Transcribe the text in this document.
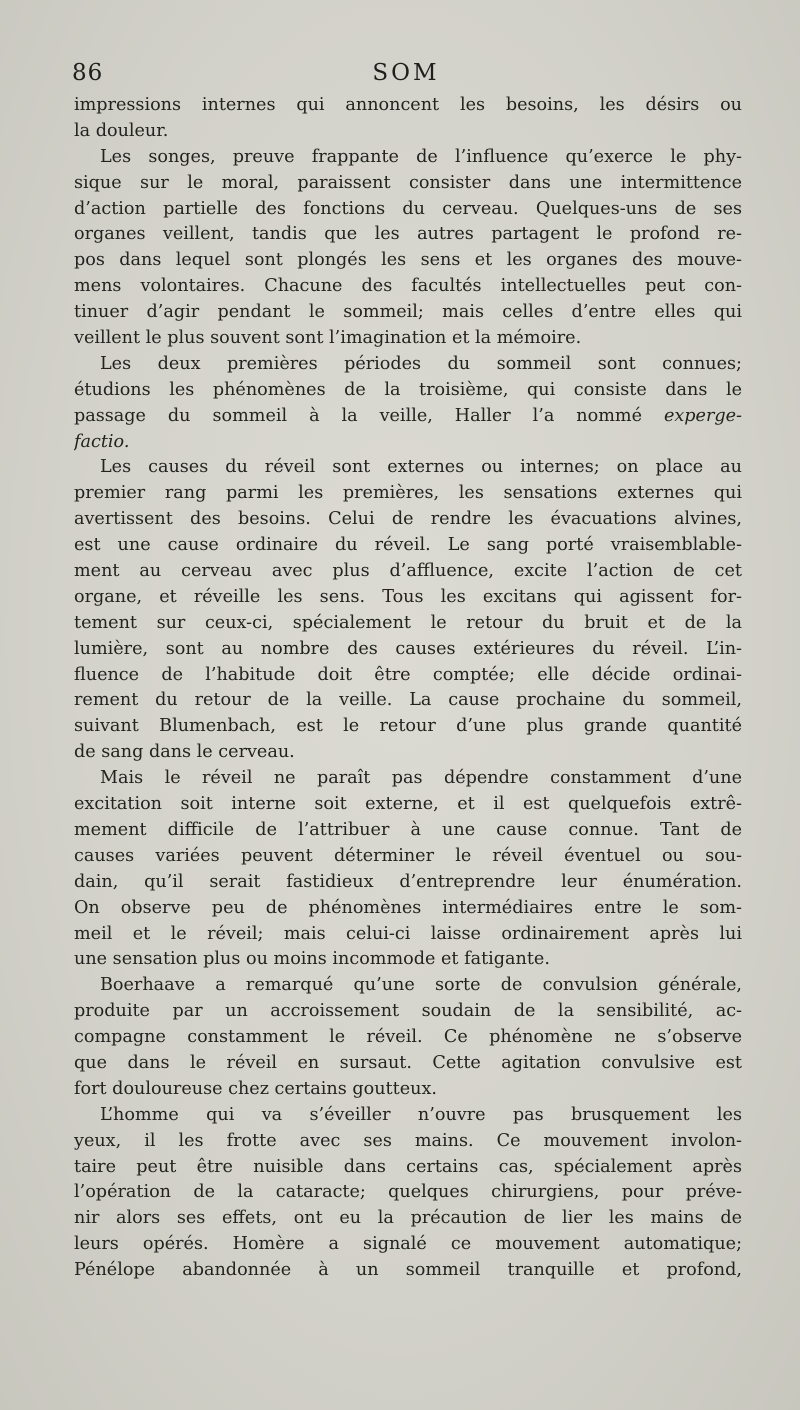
86	SOM
impressions internes qui annoncent les besoins, les désirs ou
la douleur.
Les songes, preuve frappante de l’influence qu’exerce le phy-
sique sur le moral, paraissent consister dans une intermittence
d’action partielle des fonctions du cerveau. Quelques-uns de ses
organes veillent, tandis que les autres partagent le profond re-
pos dans lequel sont plongés les sens et les organes des mouve-
mens volontaires. Chacune des facultés intellectuelles peut con-
tinuer d’agir pendant le sommeil; mais celles d’entre elles qui
veillent le plus souvent sont l’imagination et la mémoire.
Les deux premières périodes du sommeil sont connues;
étudions les phénomènes de la troisième, qui consiste dans le
passage du sommeil à la veille, Haller l’a nommé experge-
factio.
Les causes du réveil sont externes ou internes; on place au
premier rang parmi les premières, les sensations externes qui
avertissent des besoins. Celui de rendre les évacuations alvines,
est une cause ordinaire du réveil. Le sang porté vraisemblable-
ment au cerveau avec plus d’affluence, excite l’action de cet
organe, et réveille les sens. Tous les excitans qui agissent for-
tement sur ceux-ci, spécialement le retour du bruit et de la
lumière, sont au nombre des causes extérieures du réveil. L’in-
fluence de l’habitude doit être comptée; elle décide ordinai-
rement du retour de la veille. La cause prochaine du sommeil,
suivant Blumenbach, est le retour d’une plus grande quantité
de sang dans le cerveau.
Mais le réveil ne paraît pas dépendre constamment d’une
excitation soit interne soit externe, et il est quelquefois extrê-
mement difficile de l’attribuer à une cause connue. Tant de
causes variées peuvent déterminer le réveil éventuel ou sou-
dain, qu’il serait fastidieux d’entreprendre leur énumération.
On observe peu de phénomènes intermédiaires entre le som-
meil et le réveil; mais celui-ci laisse ordinairement après lui
une sensation plus ou moins incommode et fatigante.
Boerhaave a remarqué qu’une sorte de convulsion générale,
produite par un accroissement soudain de la sensibilité, ac-
compagne constamment le réveil. Ce phénomène ne s’observe
que dans le réveil en sursaut. Cette agitation convulsive est
fort douloureuse chez certains goutteux.
L’homme qui va s’éveiller n’ouvre pas brusquement les
yeux, il les frotte avec ses mains. Ce mouvement involon-
taire peut être nuisible dans certains cas, spécialement après
l’opération de la cataracte; quelques chirurgiens, pour préve-
nir alors ses effets, ont eu la précaution de lier les mains de
leurs opérés. Homère a signalé ce mouvement automatique;
Pénélope abandonnée à un sommeil tranquille et profond,
